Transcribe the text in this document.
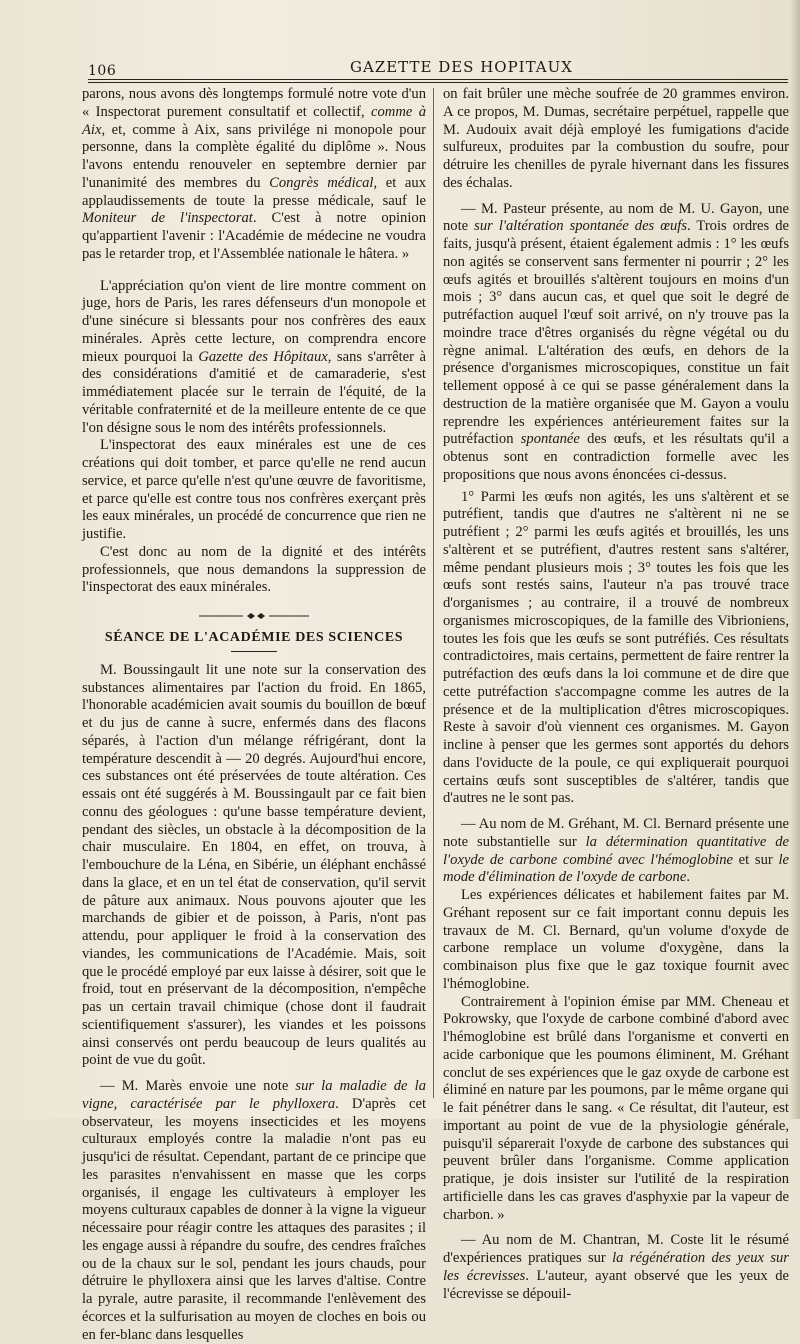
106	GAZETTE DES HOPITAUX

parons, nous avons dès longtemps formulé notre vote d'un « Inspectorat purement consultatif et collectif, comme à Aix, et, comme à Aix, sans privilége ni monopole pour personne, dans la complète égalité du diplôme ». Nous l'avons entendu renouveler en septembre dernier par l'unanimité des membres du Congrès médical, et aux applaudissements de toute la presse médicale, sauf le Moniteur de l'inspectorat. C'est à notre opinion qu'appartient l'avenir : l'Académie de médecine ne voudra pas le retarder trop, et l'Assemblée nationale le hâtera. »

L'appréciation qu'on vient de lire montre comment on juge, hors de Paris, les rares défenseurs d'un monopole et d'une sinécure si blessants pour nos confrères des eaux minérales. Après cette lecture, on comprendra encore mieux pourquoi la Gazette des Hôpitaux, sans s'arrêter à des considérations d'amitié et de camaraderie, s'est immédiatement placée sur le terrain de l'équité, de la véritable confraternité et de la meilleure entente de ce que l'on désigne sous le nom des intérêts professionnels.

L'inspectorat des eaux minérales est une de ces créations qui doit tomber, et parce qu'elle ne rend aucun service, et parce qu'elle n'est qu'une œuvre de favoritisme, et parce qu'elle est contre tous nos confrères exerçant près les eaux minérales, un procédé de concurrence que rien ne justifie.

C'est donc au nom de la dignité et des intérêts professionnels, que nous demandons la suppression de l'inspectorat des eaux minérales.

SÉANCE DE L'ACADÉMIE DES SCIENCES

M. Boussingault lit une note sur la conservation des substances alimentaires par l'action du froid. En 1865, l'honorable académicien avait soumis du bouillon de bœuf et du jus de canne à sucre, enfermés dans des flacons séparés, à l'action d'un mélange réfrigérant, dont la température descendit à — 20 degrés. Aujourd'hui encore, ces substances ont été préservées de toute altération. Ces essais ont été suggérés à M. Boussingault par ce fait bien connu des géologues : qu'une basse température devient, pendant des siècles, un obstacle à la décomposition de la chair musculaire. En 1804, en effet, on trouva, à l'embouchure de la Léna, en Sibérie, un éléphant enchâssé dans la glace, et en un tel état de conservation, qu'il servit de pâture aux animaux. Nous pouvons ajouter que les marchands de gibier et de poisson, à Paris, n'ont pas attendu, pour appliquer le froid à la conservation des viandes, les communications de l'Académie. Mais, soit que le procédé employé par eux laisse à désirer, soit que le froid, tout en préservant de la décomposition, n'empêche pas un certain travail chimique (chose dont il faudrait scientifiquement s'assurer), les viandes et les poissons ainsi conservés ont perdu beaucoup de leurs qualités au point de vue du goût.

— M. Marès envoie une note sur la maladie de la vigne, caractérisée par le phylloxera. D'après cet observateur, les moyens insecticides et les moyens culturaux employés contre la maladie n'ont pas eu jusqu'ici de résultat. Cependant, partant de ce principe que les parasites n'envahissent en masse que les corps organisés, il engage les cultivateurs à employer les moyens culturaux capables de donner à la vigne la vigueur nécessaire pour réagir contre les attaques des parasites ; il les engage aussi à répandre du soufre, des cendres fraîches ou de la chaux sur le sol, pendant les jours chauds, pour détruire le phylloxera ainsi que les larves d'altise. Contre la pyrale, autre parasite, il recommande l'enlèvement des écorces et la sulfurisation au moyen de cloches en bois ou en fer-blanc dans lesquelles

on fait brûler une mèche soufrée de 20 grammes environ. A ce propos, M. Dumas, secrétaire perpétuel, rappelle que M. Audouix avait déjà employé les fumigations d'acide sulfureux, produites par la combustion du soufre, pour détruire les chenilles de pyrale hivernant dans les fissures des échalas.

— M. Pasteur présente, au nom de M. U. Gayon, une note sur l'altération spontanée des œufs. Trois ordres de faits, jusqu'à présent, étaient également admis : 1° les œufs non agités se conservent sans fermenter ni pourrir ; 2° les œufs agités et brouillés s'altèrent toujours en moins d'un mois ; 3° dans aucun cas, et quel que soit le degré de putréfaction auquel l'œuf soit arrivé, on n'y trouve pas la moindre trace d'êtres organisés du règne végétal ou du règne animal. L'altération des œufs, en dehors de la présence d'organismes microscopiques, constitue un fait tellement opposé à ce qui se passe généralement dans la destruction de la matière organisée que M. Gayon a voulu reprendre les expériences antérieurement faites sur la putréfaction spontanée des œufs, et les résultats qu'il a obtenus sont en contradiction formelle avec les propositions que nous avons énoncées ci-dessus.

1° Parmi les œufs non agités, les uns s'altèrent et se putréfient, tandis que d'autres ne s'altèrent ni ne se putréfient ; 2° parmi les œufs agités et brouillés, les uns s'altèrent et se putréfient, d'autres restent sans s'altérer, même pendant plusieurs mois ; 3° toutes les fois que les œufs sont restés sains, l'auteur n'a pas trouvé trace d'organismes ; au contraire, il a trouvé de nombreux organismes microscopiques, de la famille des Vibrioniens, toutes les fois que les œufs se sont putréfiés. Ces résultats contradictoires, mais certains, permettent de faire rentrer la putréfaction des œufs dans la loi commune et de dire que cette putréfaction s'accompagne comme les autres de la présence et de la multiplication d'êtres microscopiques. Reste à savoir d'où viennent ces organismes. M. Gayon incline à penser que les germes sont apportés du dehors dans l'oviducte de la poule, ce qui expliquerait pourquoi certains œufs sont susceptibles de s'altérer, tandis que d'autres ne le sont pas.

— Au nom de M. Gréhant, M. Cl. Bernard présente une note substantielle sur la détermination quantitative de l'oxyde de carbone combiné avec l'hémoglobine et sur le mode d'élimination de l'oxyde de carbone.

Les expériences délicates et habilement faites par M. Gréhant reposent sur ce fait important connu depuis les travaux de M. Cl. Bernard, qu'un volume d'oxyde de carbone remplace un volume d'oxygène, dans la combinaison plus fixe que le gaz toxique fournit avec l'hémoglobine.

Contrairement à l'opinion émise par MM. Cheneau et Pokrowsky, que l'oxyde de carbone combiné d'abord avec l'hémoglobine est brûlé dans l'organisme et converti en acide carbonique que les poumons éliminent, M. Gréhant conclut de ses expériences que le gaz oxyde de carbone est éliminé en nature par les poumons, par le même organe qui le fait pénétrer dans le sang. « Ce résultat, dit l'auteur, est important au point de vue de la physiologie générale, puisqu'il séparerait l'oxyde de carbone des substances qui peuvent brûler dans l'organisme. Comme application pratique, je dois insister sur l'utilité de la respiration artificielle dans les cas graves d'asphyxie par la vapeur de charbon. »

— Au nom de M. Chantran, M. Coste lit le résumé d'expériences pratiques sur la régénération des yeux sur les écrevisses. L'auteur, ayant observé que les yeux de l'écrevisse se dépouil-
